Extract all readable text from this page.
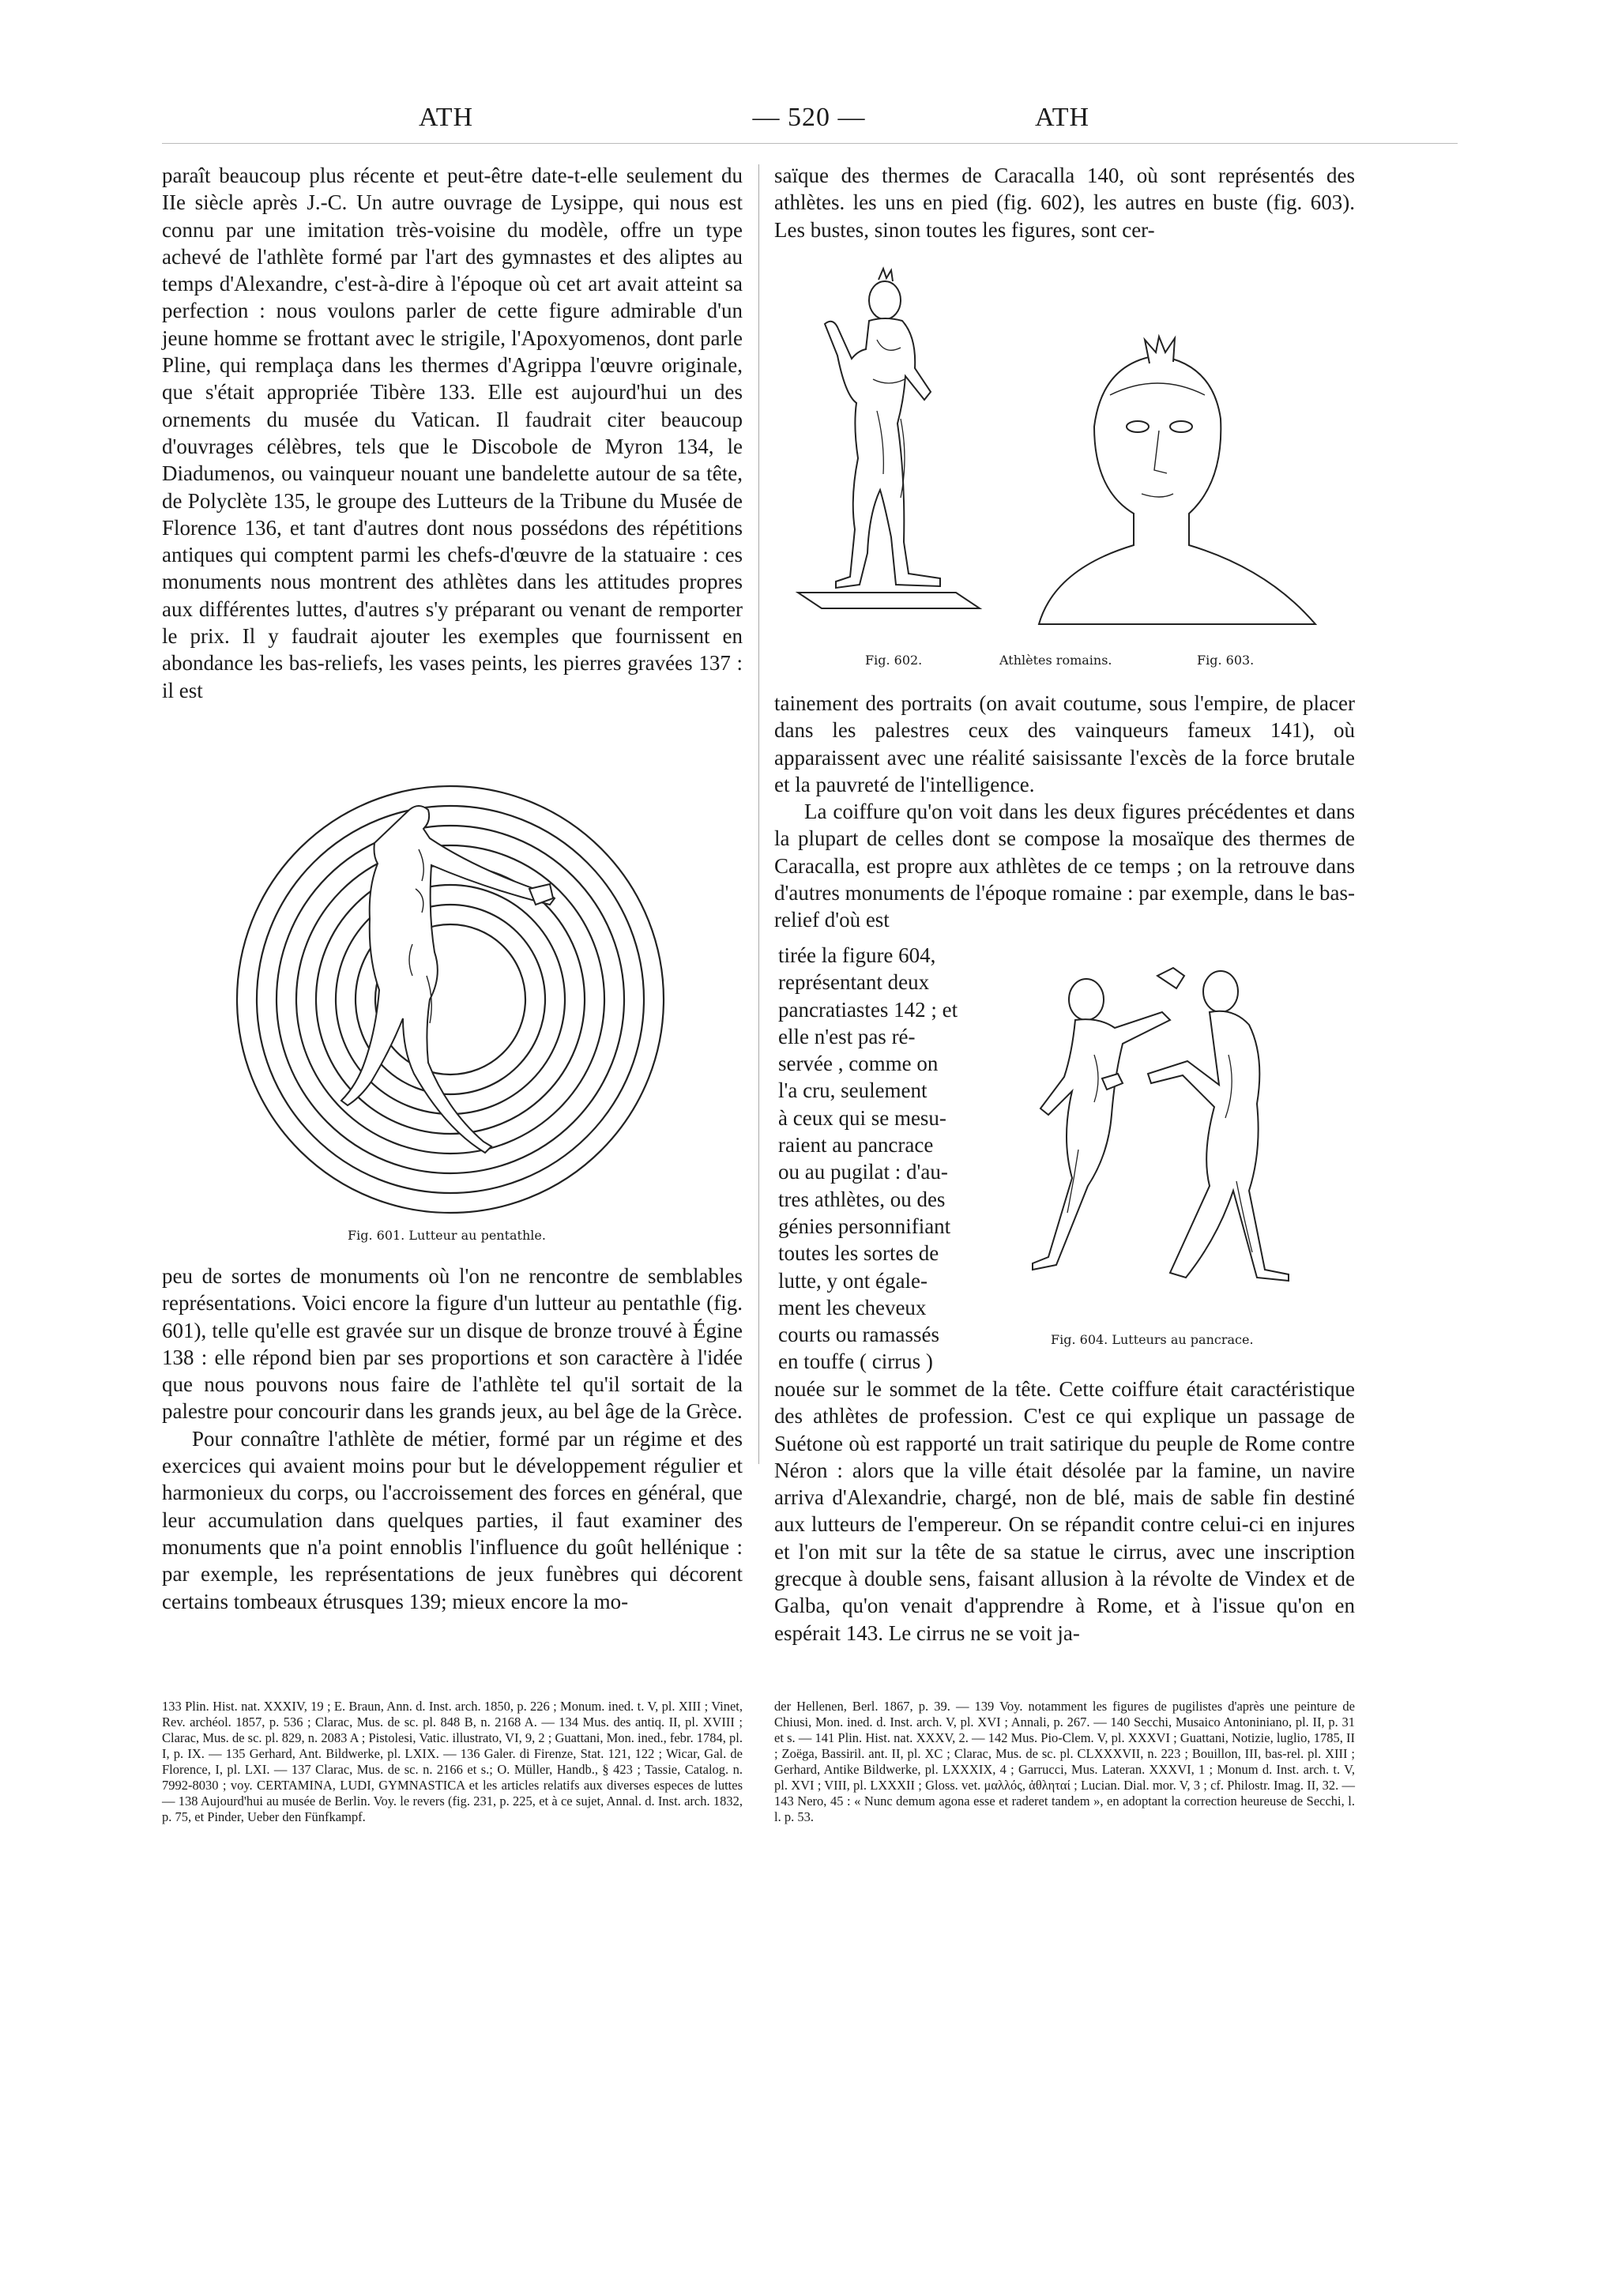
ATH	— 520 —	ATH

paraît beaucoup plus récente et peut-être date-t-elle seulement du IIe siècle après J.-C. Un autre ouvrage de Lysippe, qui nous est connu par une imitation très-voisine du modèle, offre un type achevé de l'athlète formé par l'art des gymnastes et des aliptes au temps d'Alexandre, c'est-à-dire à l'époque où cet art avait atteint sa perfection : nous voulons parler de cette figure admirable d'un jeune homme se frottant avec le strigile, l'Apoxyomenos, dont parle Pline, qui remplaça dans les thermes d'Agrippa l'œuvre originale, que s'était appropriée Tibère 133. Elle est aujourd'hui un des ornements du musée du Vatican. Il faudrait citer beaucoup d'ouvrages célèbres, tels que le Discobole de Myron 134, le Diadumenos, ou vainqueur nouant une bandelette autour de sa tête, de Polyclète 135, le groupe des Lutteurs de la Tribune du Musée de Florence 136, et tant d'autres dont nous possédons des répétitions antiques qui comptent parmi les chefs-d'œuvre de la statuaire : ces monuments nous montrent des athlètes dans les attitudes propres aux différentes luttes, d'autres s'y préparant ou venant de remporter le prix. Il y faudrait ajouter les exemples que fournissent en abondance les bas-reliefs, les vases peints, les pierres gravées 137 : il est

Fig. 601. Lutteur au pentathle.

peu de sortes de monuments où l'on ne rencontre de semblables représentations. Voici encore la figure d'un lutteur au pentathle (fig. 601), telle qu'elle est gravée sur un disque de bronze trouvé à Égine 138 : elle répond bien par ses proportions et son caractère à l'idée que nous pouvons nous faire de l'athlète tel qu'il sortait de la palestre pour concourir dans les grands jeux, au bel âge de la Grèce.

Pour connaître l'athlète de métier, formé par un régime et des exercices qui avaient moins pour but le développement régulier et harmonieux du corps, ou l'accroissement des forces en général, que leur accumulation dans quelques parties, il faut examiner des monuments que n'a point ennoblis l'influence du goût hellénique : par exemple, les représentations de jeux funèbres qui décorent certains tombeaux étrusques 139; mieux encore la mo-

saïque des thermes de Caracalla 140, où sont représentés des athlètes. les uns en pied (fig. 602), les autres en buste (fig. 603). Les bustes, sinon toutes les figures, sont cer-

Fig. 602.	Athlètes romains.	Fig. 603.

tainement des portraits (on avait coutume, sous l'empire, de placer dans les palestres ceux des vainqueurs fameux 141), où apparaissent avec une réalité saisissante l'excès de la force brutale et la pauvreté de l'intelligence.

La coiffure qu'on voit dans les deux figures précédentes et dans la plupart de celles dont se compose la mosaïque des thermes de Caracalla, est propre aux athlètes de ce temps ; on la retrouve dans d'autres monuments de l'époque romaine : par exemple, dans le bas-relief d'où est

tirée la figure 604,
représentant deux
pancratiastes 142 ; et
elle n'est pas ré-
servée , comme on
l'a cru, seulement
à ceux qui se mesu-
raient au pancrace
ou au pugilat : d'au-
tres athlètes, ou des
génies personnifiant
toutes les sortes de
lutte, y ont égale-
ment les cheveux
courts ou ramassés
en touffe ( cirrus )
Fig. 604. Lutteurs au pancrace.

nouée sur le sommet de la tête. Cette coiffure était caractéristique des athlètes de profession. C'est ce qui explique un passage de Suétone où est rapporté un trait satirique du peuple de Rome contre Néron : alors que la ville était désolée par la famine, un navire arriva d'Alexandrie, chargé, non de blé, mais de sable fin destiné aux lutteurs de l'empereur. On se répandit contre celui-ci en injures et l'on mit sur la tête de sa statue le cirrus, avec une inscription grecque à double sens, faisant allusion à la révolte de Vindex et de Galba, qu'on venait d'apprendre à Rome, et à l'issue qu'on en espérait 143. Le cirrus ne se voit ja-

133 Plin. Hist. nat. XXXIV, 19 ; E. Braun, Ann. d. Inst. arch. 1850, p. 226 ; Monum. ined. t. V, pl. XIII ; Vinet, Rev. archéol. 1857, p. 536 ; Clarac, Mus. de sc. pl. 848 B, n. 2168 A. — 134 Mus. des antiq. II, pl. XVIII ; Clarac, Mus. de sc. pl. 829, n. 2083 A ; Pistolesi, Vatic. illustrato, VI, 9, 2 ; Guattani, Mon. ined., febr. 1784, pl. I, p. IX. — 135 Gerhard, Ant. Bildwerke, pl. LXIX. — 136 Galer. di Firenze, Stat. 121, 122 ; Wicar, Gal. de Florence, I, pl. LXI. — 137 Clarac, Mus. de sc. n. 2166 et s.; O. Müller, Handb., § 423 ; Tassie, Catalog. n. 7992-8030 ; voy. CERTAMINA, LUDI, GYMNASTICA et les articles relatifs aux diverses especes de luttes — 138 Aujourd'hui au musée de Berlin. Voy. le revers (fig. 231, p. 225, et à ce sujet, Annal. d. Inst. arch. 1832, p. 75, et Pinder, Ueber den Fünfkampf.

der Hellenen, Berl. 1867, p. 39. — 139 Voy. notamment les figures de pugilistes d'après une peinture de Chiusi, Mon. ined. d. Inst. arch. V, pl. XVI ; Annali, p. 267. — 140 Secchi, Musaico Antoniniano, pl. II, p. 31 et s. — 141 Plin. Hist. nat. XXXV, 2. — 142 Mus. Pio-Clem. V, pl. XXXVI ; Guattani, Notizie, luglio, 1785, II ; Zoëga, Bassiril. ant. II, pl. XC ; Clarac, Mus. de sc. pl. CLXXXVII, n. 223 ; Bouillon, III, bas-rel. pl. XIII ; Gerhard, Antike Bildwerke, pl. LXXXIX, 4 ; Garrucci, Mus. Lateran. XXXVI, 1 ; Monum d. Inst. arch. t. V, pl. XVI ; VIII, pl. LXXXII ; Gloss. vet. μαλλός, ἀθληταί ; Lucian. Dial. mor. V, 3 ; cf. Philostr. Imag. II, 32. — 143 Nero, 45 : « Nunc demum agona esse et raderet tandem », en adoptant la correction heureuse de Secchi, l. l. p. 53.
